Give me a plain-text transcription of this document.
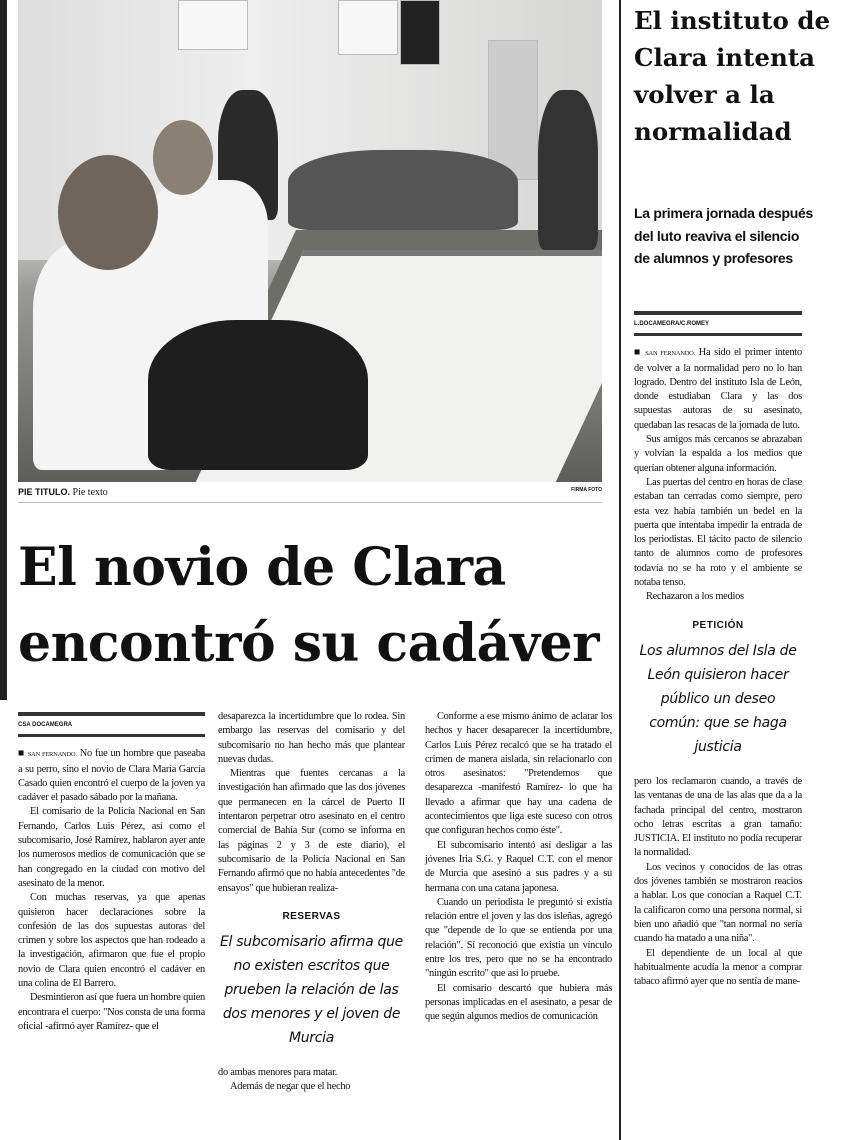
PIE TITULO. Pie texto	FIRMA FOTO
El novio de Clara
encontró su cadáver
CSA DOCAMEGRA

■ SAN FERNANDO. No fue un hombre que paseaba a su perro, sino el novio de Clara María García Casado quien encontró el cuerpo de la joven ya cadáver el pasado sábado por la mañana.

El comisario de la Policía Nacional en San Fernando, Carlos Luis Pérez, así como el subcomisario, José Ramírez, hablaron ayer ante los numerosos medios de comunicación que se han congregado en la ciudad con motivo del asesinato de la menor.

Con muchas reservas, ya que apenas quisieron hacer declaraciones sobre la confesión de las dos supuestas autoras del crimen y sobre los aspectos que han rodeado a la investigación, afirmaron que fue el propio novio de Clara quien encontró el cadáver en una colina de El Barrero.

Desmintieron así que fuera un hombre quien encontrara el cuerpo: "Nos consta de una forma oficial -afirmó ayer Ramírez- que el

desaparezca la incertidumbre que lo rodea. Sin embargo las reservas del comisario y del subcomisario no han hecho más que plantear nuevas dudas.

Mientras que fuentes cercanas a la investigación han afirmado que las dos jóvenes que permanecen en la cárcel de Puerto II intentaron perpetrar otro asesinato en el centro comercial de Bahía Sur (como se informa en las páginas 2 y 3 de este diario), el subcomisario de la Policía Nacional en San Fernando afirmó que no había antecedentes "de ensayos" que hubieran realiza-

RESERVAS
El subcomisario afirma que no existen escritos que prueben la relación de las dos menores y el joven de Murcia

do ambas menores para matar.

Además de negar que el hecho

Conforme a ese mismo ánimo de aclarar los hechos y hacer desaparecer la incertidumbre, Carlos Luis Pérez recalcó que se ha tratado el crimen de manera aislada, sin relacionarlo con otros asesinatos: "Pretendemos que desaparezca -manifestó Ramírez- lo que ha llevado a afirmar que hay una cadena de acontecimientos que liga este suceso con otros que configuran hechos como éste".

El subcomisario intentó así desligar a las jóvenes Iria S.G. y Raquel C.T. con el menor de Murcia que asesinó a sus padres y a su hermana con una catana japonesa.

Cuando un periodista le preguntó si existía relación entre el joven y las dos isleñas, agregó que "depende de lo que se entienda por una relación". Sí reconoció que existía un vínculo entre los tres, pero que no se ha encontrado "ningún escrito" que así lo pruebe.

El comisario descartó que hubiera más personas implicadas en el asesinato, a pesar de que según algunos medios de comunicación

El instituto de Clara intenta volver a la normalidad
La primera jornada después del luto reaviva el silencio de alumnos y profesores
L.DOCAMEGRA/C.ROMEY

■ SAN FERNANDO. Ha sido el primer intento de volver a la normalidad pero no lo han logrado. Dentro del instituto Isla de León, donde estudiaban Clara y las dos supuestas autoras de su asesinato, quedaban las resacas de la jornada de luto.

Sus amigos más cercanos se abrazaban y volvían la espalda a los medios que querían obtener alguna información.

Las puertas del centro en horas de clase estaban tan cerradas como siempre, pero esta vez había también un bedel en la puerta que intentaba impedir la entrada de los periodistas. El tácito pacto de silencio tanto de alumnos como de profesores todavía no se ha roto y el ambiente se notaba tenso.

Rechazaron a los medios

PETICIÓN
Los alumnos del Isla de León quisieron hacer público un deseo común: que se haga justicia

pero los reclamaron cuando, a través de las ventanas de una de las alas que da a la fachada principal del centro, mostraron ocho letras escritas a gran tamaño: JUSTICIA. El instituto no podía recuperar la normalidad.

Los vecinos y conocidos de las otras dos jóvenes también se mostraron reacios a hablar. Los que conocían a Raquel C.T. la calificaron como una persona normal, si bien uno añadió que "tan normal no sería cuando ha matado a una niña".

El dependiente de un local al que habitualmente acudía la menor a comprar tabaco afirmó ayer que no sentía de mane-
